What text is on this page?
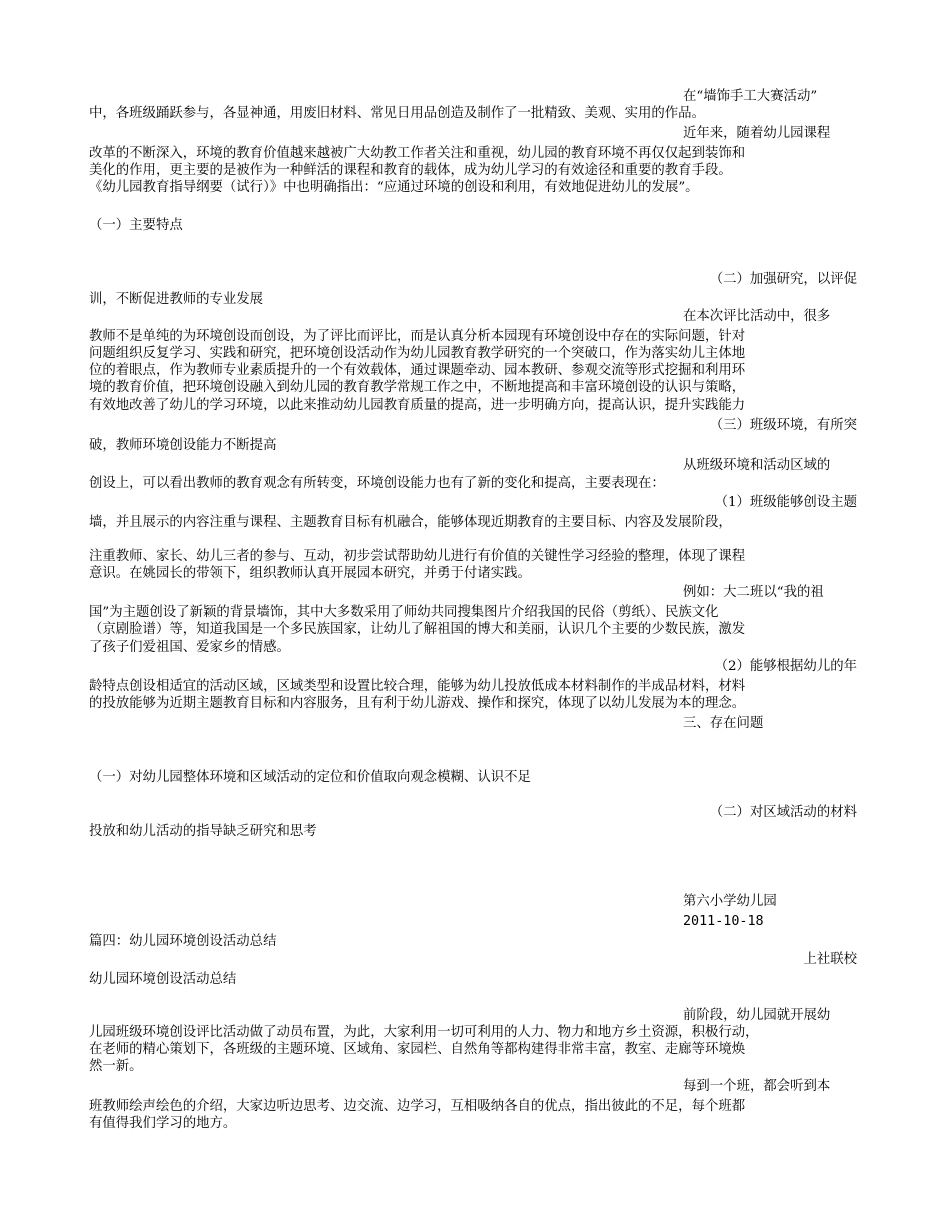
在“墙饰手工大赛活动”
中，各班级踊跃参与，各显神通，用废旧材料、常见日用品创造及制作了一批精致、美观、实用的作品。
近年来，随着幼儿园课程
改革的不断深入，环境的教育价值越来越被广大幼教工作者关注和重视，幼儿园的教育环境不再仅仅起到装饰和
美化的作用，更主要的是被作为一种鲜活的课程和教育的载体，成为幼儿学习的有效途径和重要的教育手段。
《幼儿园教育指导纲要（试行）》中也明确指出：“应通过环境的创设和利用，有效地促进幼儿的发展”。
（一）主要特点
（二）加强研究，以评促
训，不断促进教师的专业发展
在本次评比活动中，很多
教师不是单纯的为环境创设而创设，为了评比而评比，而是认真分析本园现有环境创设中存在的实际问题，针对
问题组织反复学习、实践和研究，把环境创设活动作为幼儿园教育教学研究的一个突破口，作为落实幼儿主体地
位的着眼点，作为教师专业素质提升的一个有效载体，通过课题牵动、园本教研、参观交流等形式挖掘和利用环
境的教育价值，把环境创设融入到幼儿园的教育教学常规工作之中，不断地提高和丰富环境创设的认识与策略，
有效地改善了幼儿的学习环境，以此来推动幼儿园教育质量的提高，进一步明确方向，提高认识，提升实践能力
（三）班级环境，有所突
破，教师环境创设能力不断提高
从班级环境和活动区域的
创设上，可以看出教师的教育观念有所转变，环境创设能力也有了新的变化和提高，主要表现在：
（1）班级能够创设主题
墙，并且展示的内容注重与课程、主题教育目标有机融合，能够体现近期教育的主要目标、内容及发展阶段，
注重教师、家长、幼儿三者的参与、互动，初步尝试帮助幼儿进行有价值的关键性学习经验的整理，体现了课程
意识。在姚园长的带领下，组织教师认真开展园本研究，并勇于付诸实践。
例如：大二班以“我的祖
国”为主题创设了新颖的背景墙饰，其中大多数采用了师幼共同搜集图片介绍我国的民俗（剪纸）、民族文化
（京剧脸谱）等，知道我国是一个多民族国家，让幼儿了解祖国的博大和美丽，认识几个主要的少数民族，激发
了孩子们爱祖国、爱家乡的情感。
（2）能够根据幼儿的年
龄特点创设相适宜的活动区域，区域类型和设置比较合理，能够为幼儿投放低成本材料制作的半成品材料，材料
的投放能够为近期主题教育目标和内容服务，且有利于幼儿游戏、操作和探究，体现了以幼儿发展为本的理念。
三、存在问题
（一）对幼儿园整体环境和区域活动的定位和价值取向观念模糊、认识不足
（二）对区域活动的材料
投放和幼儿活动的指导缺乏研究和思考
第六小学幼儿园
2011-10-18
篇四：幼儿园环境创设活动总结
上社联校
幼儿园环境创设活动总结
前阶段，幼儿园就开展幼
儿园班级环境创设评比活动做了动员布置，为此，大家利用一切可利用的人力、物力和地方乡土资源，积极行动，
在老师的精心策划下，各班级的主题环境、区域角、家园栏、自然角等都构建得非常丰富，教室、走廊等环境焕
然一新。
每到一个班，都会听到本
班教师绘声绘色的介绍，大家边听边思考、边交流、边学习，互相吸纳各自的优点，指出彼此的不足，每个班都
有值得我们学习的地方。
